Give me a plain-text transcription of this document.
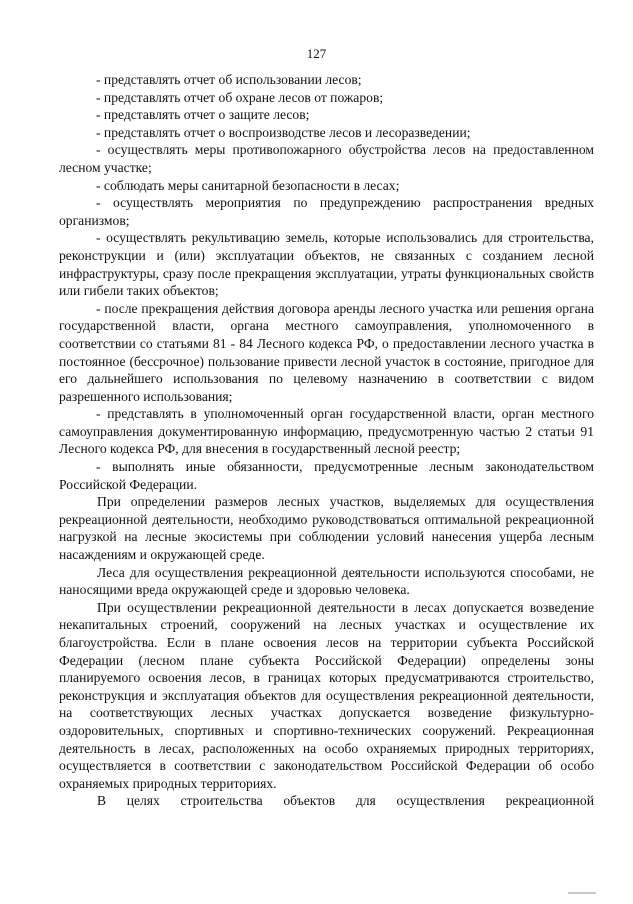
127

- представлять отчет об использовании лесов;

- представлять отчет об охране лесов от пожаров;

- представлять отчет о защите лесов;

- представлять отчет о воспроизводстве лесов и лесоразведении;

- осуществлять меры противопожарного обустройства лесов на предоставленном лесном участке;

- соблюдать меры санитарной безопасности в лесах;

- осуществлять мероприятия по предупреждению распространения вредных организмов;

- осуществлять рекультивацию земель, которые использовались для строительства, реконструкции и (или) эксплуатации объектов, не связанных с созданием лесной инфраструктуры, сразу после прекращения эксплуатации, утраты функциональных свойств или гибели таких объектов;

- после прекращения действия договора аренды лесного участка или решения органа государственной власти, органа местного самоуправления, уполномоченного в соответствии со статьями 81 - 84 Лесного кодекса РФ, о предоставлении лесного участка в постоянное (бессрочное) пользование привести лесной участок в состояние, пригодное для его дальнейшего использования по целевому назначению в соответствии с видом разрешенного использования;

- представлять в уполномоченный орган государственной власти, орган местного самоуправления документированную информацию, предусмотренную частью 2 статьи 91 Лесного кодекса РФ, для внесения в государственный лесной реестр;

- выполнять иные обязанности, предусмотренные лесным законодательством Российской Федерации.

При определении размеров лесных участков, выделяемых для осуществления рекреационной деятельности, необходимо руководствоваться оптимальной рекреационной нагрузкой на лесные экосистемы при соблюдении условий нанесения ущерба лесным насаждениям и окружающей среде.

Леса для осуществления рекреационной деятельности используются способами, не наносящими вреда окружающей среде и здоровью человека.

При осуществлении рекреационной деятельности в лесах допускается возведение некапитальных строений, сооружений на лесных участках и осуществление их благоустройства. Если в плане освоения лесов на территории субъекта Российской Федерации (лесном плане субъекта Российской Федерации) определены зоны планируемого освоения лесов, в границах которых предусматриваются строительство, реконструкция и эксплуатация объектов для осуществления рекреационной деятельности, на соответствующих лесных участках допускается возведение физкультурно-оздоровительных, спортивных и спортивно-технических сооружений. Рекреационная деятельность в лесах, расположенных на особо охраняемых природных территориях, осуществляется в соответствии с законодательством Российской Федерации об особо охраняемых природных территориях.

В целях строительства объектов для осуществления рекреационной
